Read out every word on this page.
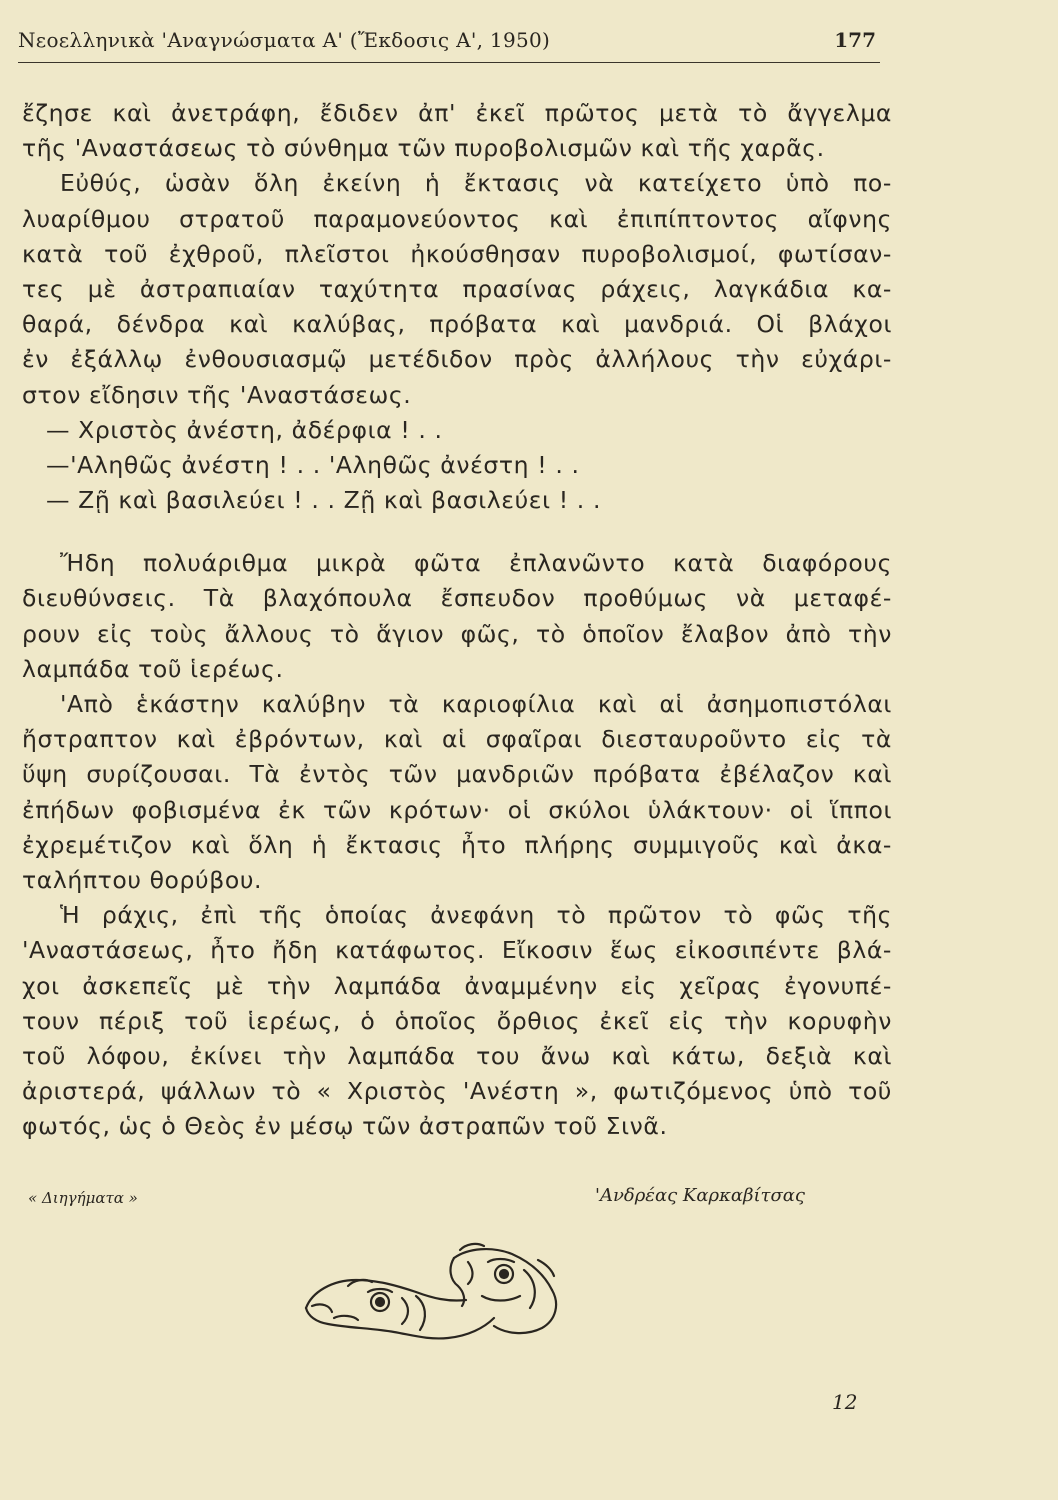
Νεοελληνικὰ 'Αναγνώσματα Α' (Ἔκδοσις Α', 1950)	177
ἔζησε καὶ ἀνετράφη, ἔδιδεν ἀπ' ἐκεῖ πρῶτος μετὰ τὸ ἄγγελμα
τῆς 'Αναστάσεως τὸ σύνθημα τῶν πυροβολισμῶν καὶ τῆς χαρᾶς.
Εὐθύς, ὡσὰν ὅλη ἐκείνη ἡ ἔκτασις νὰ κατείχετο ὑπὸ πο-
λυαρίθμου στρατοῦ παραμονεύοντος καὶ ἐπιπίπτοντος αἴφνης
κατὰ τοῦ ἐχθροῦ, πλεῖστοι ἠκούσθησαν πυροβολισμοί, φωτίσαν-
τες μὲ ἀστραπιαίαν ταχύτητα πρασίνας ράχεις, λαγκάδια κα-
θαρά, δένδρα καὶ καλύβας, πρόβατα καὶ μανδριά. Οἱ βλάχοι
ἐν ἐξάλλῳ ἐνθουσιασμῷ μετέδιδον πρὸς ἀλλήλους τὴν εὐχάρι-
στον εἴδησιν τῆς 'Αναστάσεως.
— Χριστὸς ἀνέστη, ἀδέρφια ! . .
—'Αληθῶς ἀνέστη ! . . 'Αληθῶς ἀνέστη ! . .
— Ζῇ καὶ βασιλεύει ! . . Ζῇ καὶ βασιλεύει ! . .
Ἤδη πολυάριθμα μικρὰ φῶτα ἐπλανῶντο κατὰ διαφόρους
διευθύνσεις. Τὰ βλαχόπουλα ἔσπευδον προθύμως νὰ μεταφέ-
ρουν εἰς τοὺς ἄλλους τὸ ἅγιον φῶς, τὸ ὁποῖον ἔλαβον ἀπὸ τὴν
λαμπάδα τοῦ ἱερέως.
'Απὸ ἑκάστην καλύβην τὰ καριοφίλια καὶ αἱ ἀσημοπιστόλαι
ἤστραπτον καὶ ἐβρόντων, καὶ αἱ σφαῖραι διεσταυροῦντο εἰς τὰ
ὕψη συρίζουσαι. Τὰ ἐντὸς τῶν μανδριῶν πρόβατα ἐβέλαζον καὶ
ἐπήδων φοβισμένα ἐκ τῶν κρότων· οἱ σκύλοι ὑλάκτουν· οἱ ἵπποι
ἐχρεμέτιζον καὶ ὅλη ἡ ἔκτασις ἦτο πλήρης συμμιγοῦς καὶ ἀκα-
ταλήπτου θορύβου.
Ἡ ράχις, ἐπὶ τῆς ὁποίας ἀνεφάνη τὸ πρῶτον τὸ φῶς τῆς
'Αναστάσεως, ἦτο ἤδη κατάφωτος. Εἴκοσιν ἕως εἰκοσιπέντε βλά-
χοι ἀσκεπεῖς μὲ τὴν λαμπάδα ἀναμμένην εἰς χεῖρας ἐγονυπέ-
τουν πέριξ τοῦ ἱερέως, ὁ ὁποῖος ὄρθιος ἐκεῖ εἰς τὴν κορυφὴν
τοῦ λόφου, ἐκίνει τὴν λαμπάδα του ἄνω καὶ κάτω, δεξιὰ καὶ
ἀριστερά, ψάλλων τὸ « Χριστὸς 'Ανέστη », φωτιζόμενος ὑπὸ τοῦ
φωτός, ὡς ὁ Θεὸς ἐν μέσῳ τῶν ἀστραπῶν τοῦ Σινᾶ.
« Διηγήματα »	'Ανδρέας Καρκαβίτσας
12
